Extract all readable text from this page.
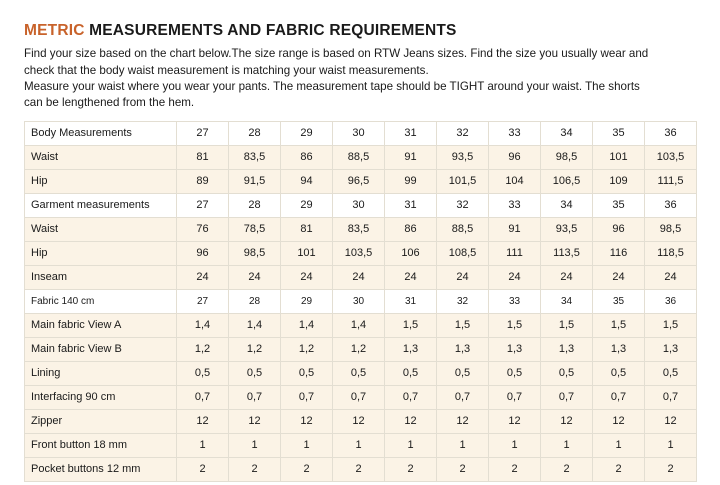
METRIC MEASUREMENTS AND FABRIC REQUIREMENTS

Find your size based on the chart below.The size range is based on RTW Jeans sizes. Find the size you usually wear and

check that the body waist measurement is matching your waist measurements.

Measure your waist where you wear your pants. The measurement tape should be TIGHT around your waist. The shorts

can be lengthened from the hem.

Body Measurements	27	28	29	30	31	32	33	34	35	36
Waist	81	83,5	86	88,5	91	93,5	96	98,5	101	103,5
Hip	89	91,5	94	96,5	99	101,5	104	106,5	109	111,5
Garment measurements	27	28	29	30	31	32	33	34	35	36
Waist	76	78,5	81	83,5	86	88,5	91	93,5	96	98,5
Hip	96	98,5	101	103,5	106	108,5	111	113,5	116	118,5
Inseam	24	24	24	24	24	24	24	24	24	24
Fabric 140 cm	27	28	29	30	31	32	33	34	35	36
Main fabric View A	1,4	1,4	1,4	1,4	1,5	1,5	1,5	1,5	1,5	1,5
Main fabric View B	1,2	1,2	1,2	1,2	1,3	1,3	1,3	1,3	1,3	1,3
Lining	0,5	0,5	0,5	0,5	0,5	0,5	0,5	0,5	0,5	0,5
Interfacing 90 cm	0,7	0,7	0,7	0,7	0,7	0,7	0,7	0,7	0,7	0,7
Zipper	12	12	12	12	12	12	12	12	12	12
Front button 18 mm	1	1	1	1	1	1	1	1	1	1
Pocket buttons 12 mm	2	2	2	2	2	2	2	2	2	2
